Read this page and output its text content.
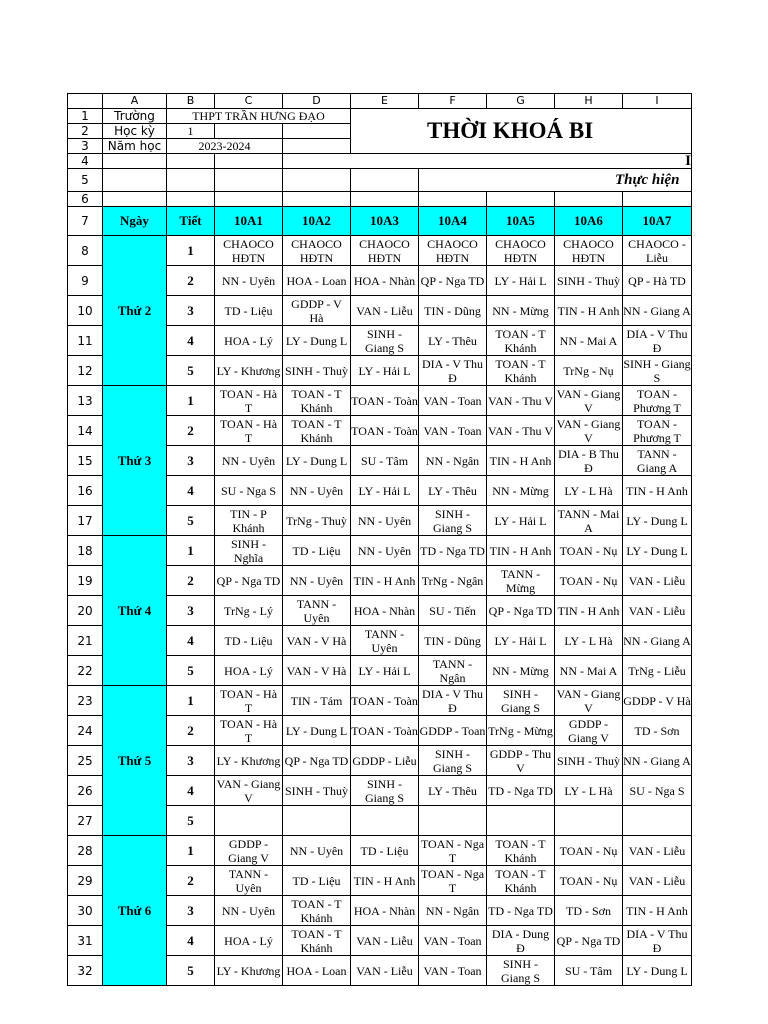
	A	B	C	D	E	F	G	H	I
1	Trường	THPT TRẦN HƯNG ĐẠO			THỜI KHOÁ BI				
2	Học kỳ	1							
3	Năm học	2023-2024							
4				I					
5						Thực hiện			
6									
7	Ngày	Tiết	10A1	10A2	10A3	10A4	10A5	10A6	10A7
8	Thứ 2	1	CHAOCO HĐTN	CHAOCO HĐTN	CHAOCO HĐTN	CHAOCO HĐTN	CHAOCO HĐTN	CHAOCO HĐTN	CHAOCO - Liễu
9		2	NN - Uyên	HOA - Loan	HOA - Nhàn	QP - Nga TD	LY - Hải L	SINH - Thuỳ	QP - Hà TD
10		3	TD - Liệu	GDDP - V Hà	VAN - Liễu	TIN - Dũng	NN - Mừng	TIN - H Anh	NN - Giang A
11		4	HOA - Lý	LY - Dung L	SINH - Giang S	LY - Thêu	TOAN - T Khánh	NN - Mai A	DIA - V Thu Đ
12		5	LY - Khương	SINH - Thuỳ	LY - Hải L	DIA - V Thu Đ	TOAN - T Khánh	TrNg - Nụ	SINH - Giang S
13	Thứ 3	1	TOAN - Hà T	TOAN - T Khánh	TOAN - Toàn	VAN - Toan	VAN - Thu V	VAN - Giang V	TOAN - Phương T
14		2	TOAN - Hà T	TOAN - T Khánh	TOAN - Toàn	VAN - Toan	VAN - Thu V	VAN - Giang V	TOAN - Phương T
15		3	NN - Uyên	LY - Dung L	SU - Tâm	NN - Ngân	TIN - H Anh	DIA - B Thu Đ	TANN - Giang A
16		4	SU - Nga S	NN - Uyên	LY - Hải L	LY - Thêu	NN - Mừng	LY - L Hà	TIN - H Anh
17		5	TIN - P Khánh	TrNg - Thuỳ	NN - Uyên	SINH - Giang S	LY - Hải L	TANN - Mai A	LY - Dung L
18	Thứ 4	1	SINH - Nghĩa	TD - Liệu	NN - Uyên	TD - Nga TD	TIN - H Anh	TOAN - Nụ	LY - Dung L
19		2	QP - Nga TD	NN - Uyên	TIN - H Anh	TrNg - Ngân	TANN - Mừng	TOAN - Nụ	VAN - Liễu
20		3	TrNg - Lý	TANN - Uyên	HOA - Nhàn	SU - Tiến	QP - Nga TD	TIN - H Anh	VAN - Liễu
21		4	TD - Liệu	VAN - V Hà	TANN - Uyên	TIN - Dũng	LY - Hải L	LY - L Hà	NN - Giang A
22		5	HOA - Lý	VAN - V Hà	LY - Hải L	TANN - Ngân	NN - Mừng	NN - Mai A	TrNg - Liễu
23	Thứ 5	1	TOAN - Hà T	TIN - Tám	TOAN - Toàn	DIA - V Thu Đ	SINH - Giang S	VAN - Giang V	GDDP - V Hà
24		2	TOAN - Hà T	LY - Dung L	TOAN - Toàn	GDDP - Toan	TrNg - Mừng	GDDP - Giang V	TD - Sơn
25		3	LY - Khương	QP - Nga TD	GDDP - Liễu	SINH - Giang S	GDDP - Thu V	SINH - Thuỳ	NN - Giang A
26		4	VAN - Giang V	SINH - Thuỳ	SINH - Giang S	LY - Thêu	TD - Nga TD	LY - L Hà	SU - Nga S
27		5							
28	Thứ 6	1	GDDP - Giang V	NN - Uyên	TD - Liệu	TOAN - Nga T	TOAN - T Khánh	TOAN - Nụ	VAN - Liễu
29		2	TANN - Uyên	TD - Liệu	TIN - H Anh	TOAN - Nga T	TOAN - T Khánh	TOAN - Nụ	VAN - Liễu
30		3	NN - Uyên	TOAN - T Khánh	HOA - Nhàn	NN - Ngân	TD - Nga TD	TD - Sơn	TIN - H Anh
31		4	HOA - Lý	TOAN - T Khánh	VAN - Liễu	VAN - Toan	DIA - Dung Đ	QP - Nga TD	DIA - V Thu Đ
32		5	LY - Khương	HOA - Loan	VAN - Liễu	VAN - Toan	SINH - Giang S	SU - Tâm	LY - Dung L
